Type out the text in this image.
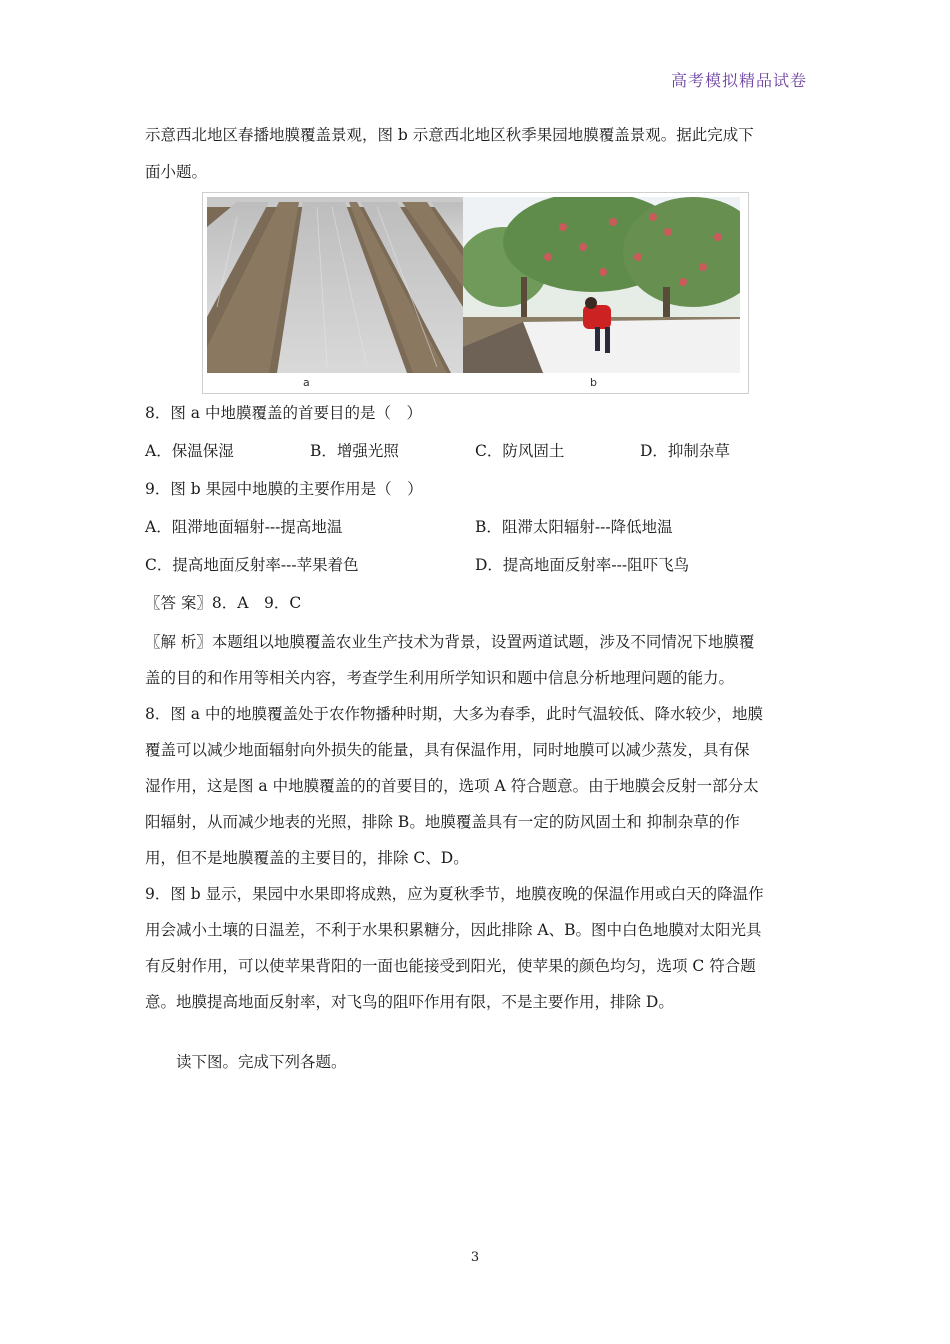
高考模拟精品试卷
示意西北地区春播地膜覆盖景观，图 b 示意西北地区秋季果园地膜覆盖景观。据此完成下
面小题。
a	b
8．图 a 中地膜覆盖的首要目的是（　）
A．保温保湿	B．增强光照	C．防风固土	D．抑制杂草
9．图 b 果园中地膜的主要作用是（　）
A．阻滞地面辐射---提高地温	B．阻滞太阳辐射---降低地温
C．提高地面反射率---苹果着色	D．提高地面反射率---阻吓飞鸟
〖答 案〗8．A　9．C
〖解 析〗本题组以地膜覆盖农业生产技术为背景，设置两道试题，涉及不同情况下地膜覆
盖的目的和作用等相关内容，考查学生利用所学知识和题中信息分析地理问题的能力。
8．图 a 中的地膜覆盖处于农作物播种时期，大多为春季，此时气温较低、降水较少，地膜
覆盖可以减少地面辐射向外损失的能量，具有保温作用，同时地膜可以减少蒸发，具有保
湿作用，这是图 a 中地膜覆盖的的首要目的，选项 A 符合题意。由于地膜会反射一部分太
阳辐射，从而减少地表的光照，排除 B。地膜覆盖具有一定的防风固土和 抑制杂草的作
用，但不是地膜覆盖的主要目的，排除 C、D。
9．图 b 显示，果园中水果即将成熟，应为夏秋季节，地膜夜晚的保温作用或白天的降温作
用会减小土壤的日温差，不利于水果积累糖分，因此排除 A、B。图中白色地膜对太阳光具
有反射作用，可以使苹果背阳的一面也能接受到阳光，使苹果的颜色均匀，选项 C 符合题
意。地膜提高地面反射率，对飞鸟的阻吓作用有限，不是主要作用，排除 D。
读下图。完成下列各题。
3
